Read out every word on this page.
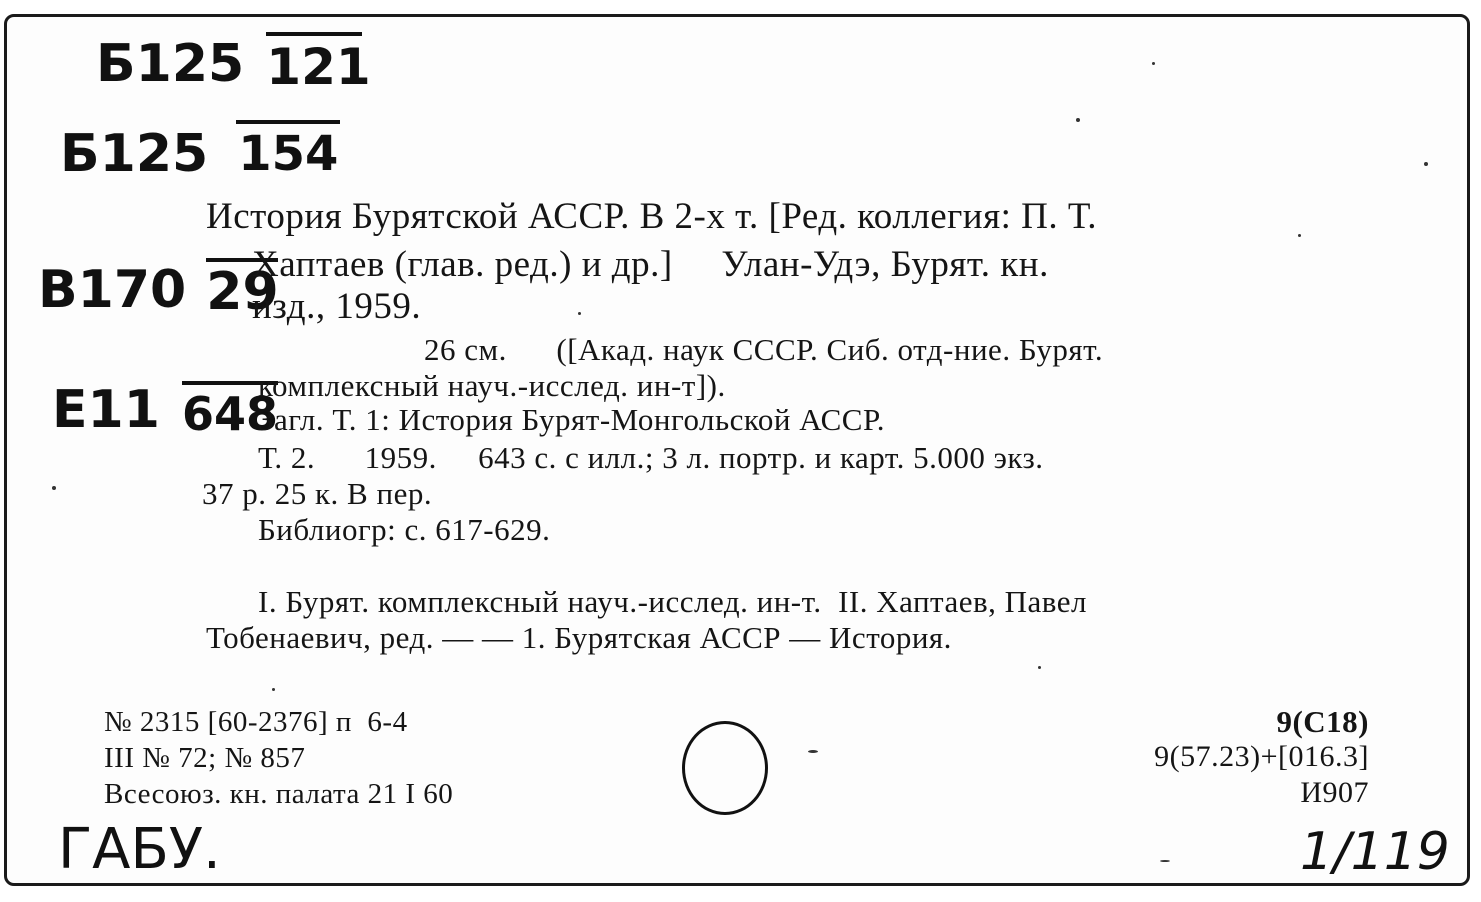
Б125 121
Б125 154
В170 29
Е11 648
История Бурятской АССР. В 2-х т. [Ред. коллегия: П. Т.
Хаптаев (глав. ред.) и др.]     Улан-Удэ, Бурят. кн.
изд., 1959.
26 см.      ([Акад. наук СССР. Сиб. отд-ние. Бурят.
комплексный науч.-исслед. ин-т]).
Загл. Т. 1: История Бурят-Монгольской АССР.
Т. 2.      1959.     643 с. с илл.; 3 л. портр. и карт. 5.000 экз.
37 р. 25 к. В пер.
Библиогр: с. 617-629.
I. Бурят. комплексный науч.-исслед. ин-т.  II. Хаптаев, Павел
Тобенаевич, ред. — — 1. Бурятская АССР — История.
№ 2315 [60-2376] п  6-4
III № 72; № 857
Всесоюз. кн. палата 21 I 60
9(С18)
9(57.23)+[016.3]
И907
ГАБУ.	1/119
